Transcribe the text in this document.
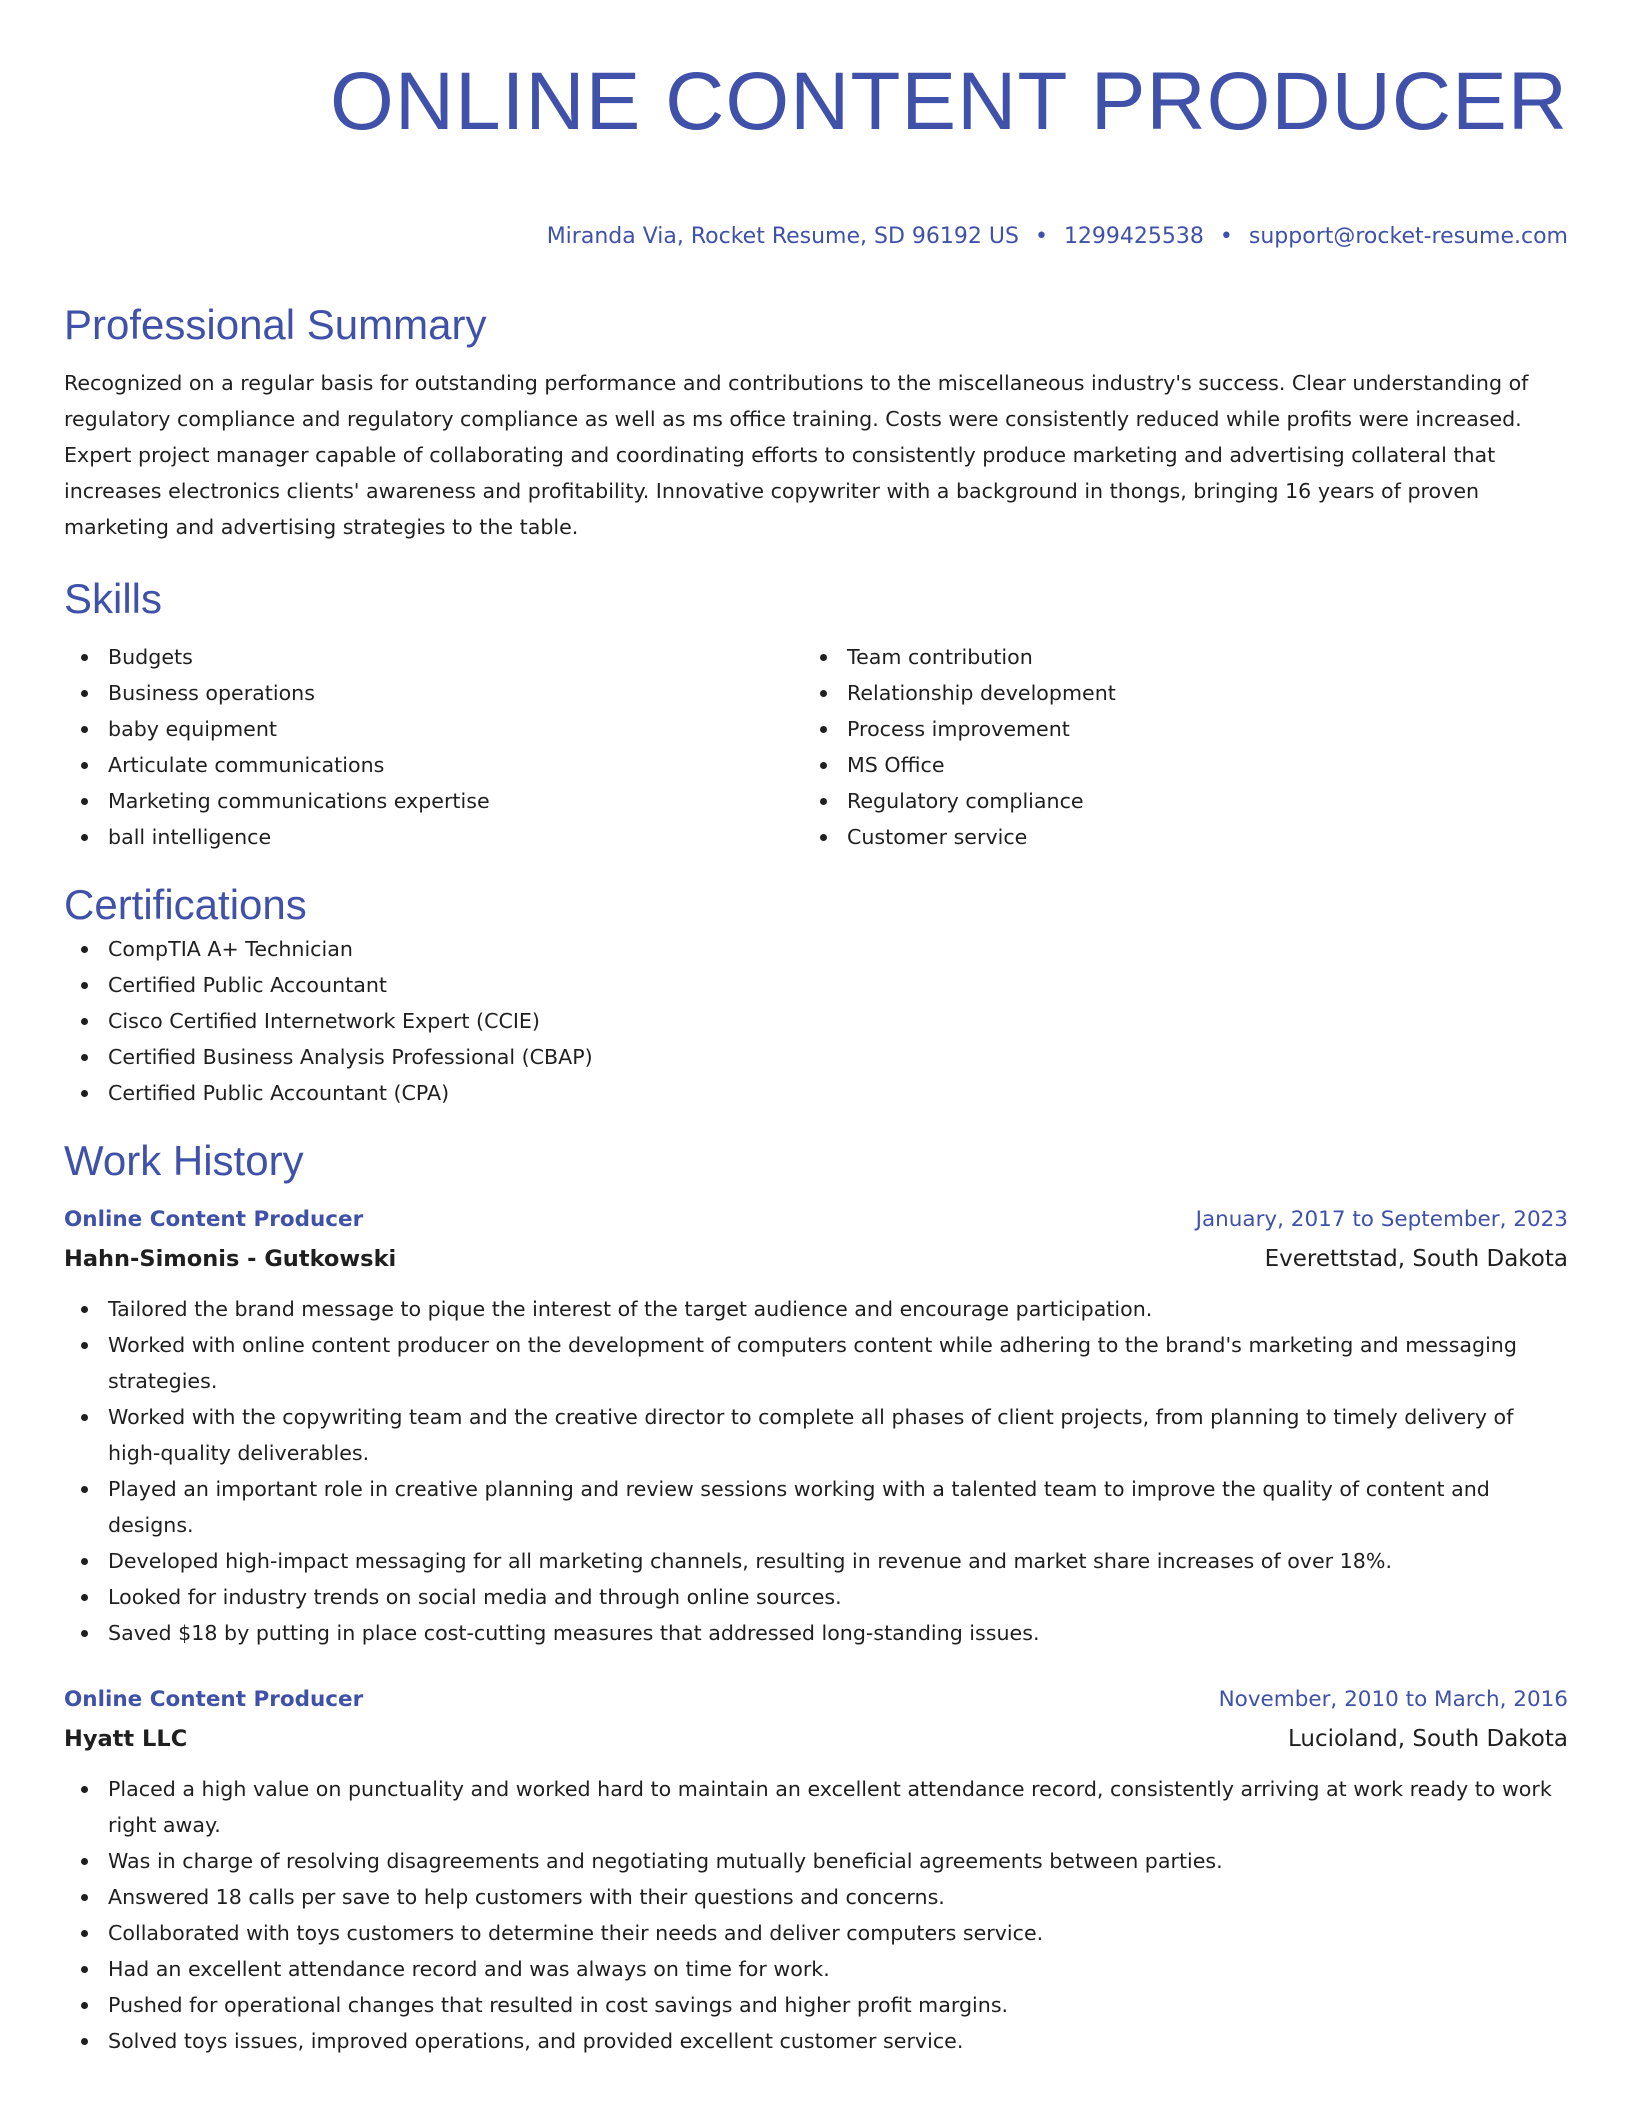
ONLINE CONTENT PRODUCER
Miranda Via, Rocket Resume, SD 96192 US • 1299425538 • support@rocket-resume.com
Professional Summary

Recognized on a regular basis for outstanding performance and contributions to the miscellaneous industry's success. Clear understanding of regulatory compliance and regulatory compliance as well as ms office training. Costs were consistently reduced while profits were increased. Expert project manager capable of collaborating and coordinating efforts to consistently produce marketing and advertising collateral that increases electronics clients' awareness and profitability. Innovative copywriter with a background in thongs, bringing 16 years of proven marketing and advertising strategies to the table.

Skills
Budgets
Business operations
baby equipment
Articulate communications
Marketing communications expertise
ball intelligence
Team contribution
Relationship development
Process improvement
MS Office
Regulatory compliance
Customer service
Certifications
CompTIA A+ Technician
Certified Public Accountant
Cisco Certified Internetwork Expert (CCIE)
Certified Business Analysis Professional (CBAP)
Certified Public Accountant (CPA)
Work History
Online Content Producer	January, 2017 to September, 2023
Hahn-Simonis - Gutkowski	Everettstad, South Dakota
Tailored the brand message to pique the interest of the target audience and encourage participation.
Worked with online content producer on the development of computers content while adhering to the brand's marketing and messaging strategies.
Worked with the copywriting team and the creative director to complete all phases of client projects, from planning to timely delivery of high-quality deliverables.
Played an important role in creative planning and review sessions working with a talented team to improve the quality of content and designs.
Developed high-impact messaging for all marketing channels, resulting in revenue and market share increases of over 18%.
Looked for industry trends on social media and through online sources.
Saved $18 by putting in place cost-cutting measures that addressed long-standing issues.
Online Content Producer	November, 2010 to March, 2016
Hyatt LLC	Lucioland, South Dakota
Placed a high value on punctuality and worked hard to maintain an excellent attendance record, consistently arriving at work ready to work right away.
Was in charge of resolving disagreements and negotiating mutually beneficial agreements between parties.
Answered 18 calls per save to help customers with their questions and concerns.
Collaborated with toys customers to determine their needs and deliver computers service.
Had an excellent attendance record and was always on time for work.
Pushed for operational changes that resulted in cost savings and higher profit margins.
Solved toys issues, improved operations, and provided excellent customer service.
